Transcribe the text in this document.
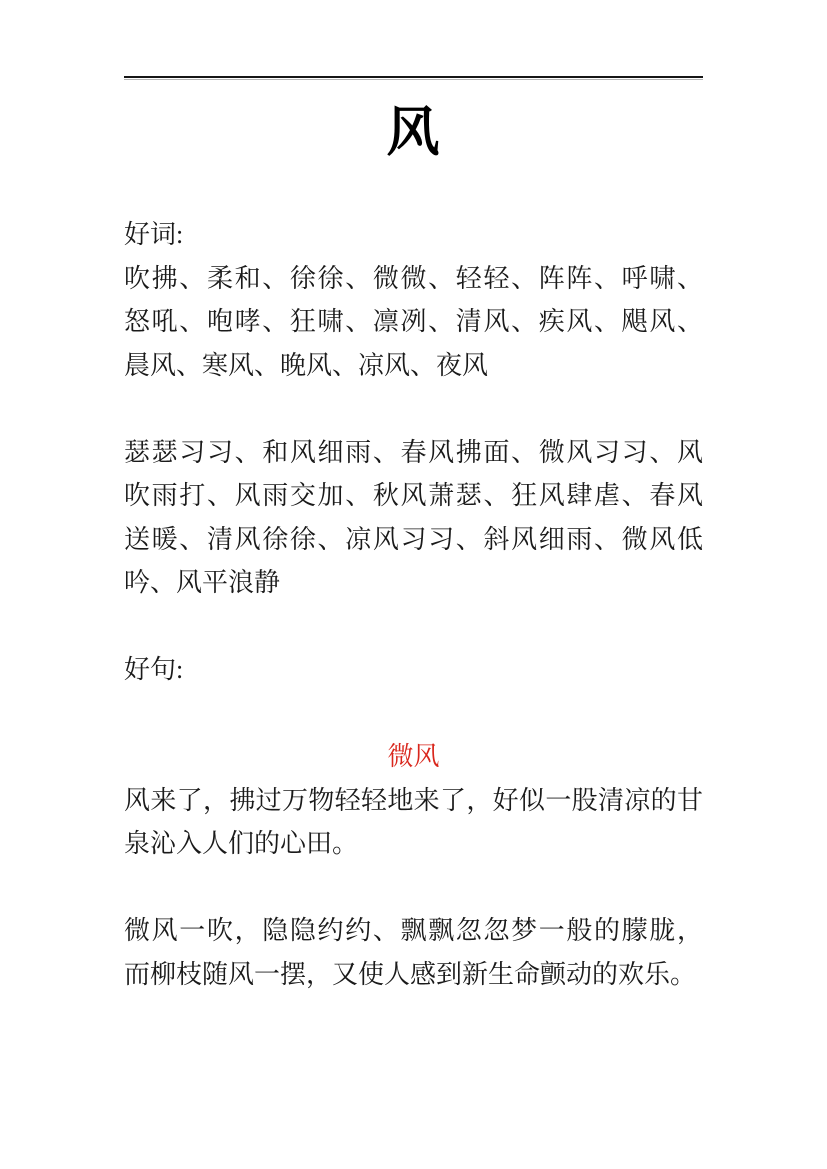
风
好词:
吹拂、柔和、徐徐、微微、轻轻、阵阵、呼啸、
怒吼、咆哮、狂啸、凛冽、清风、疾风、飓风、
晨风、寒风、晚风、凉风、夜风
瑟瑟习习、和风细雨、春风拂面、微风习习、风
吹雨打、风雨交加、秋风萧瑟、狂风肆虐、春风
送暖、清风徐徐、凉风习习、斜风细雨、微风低
吟、风平浪静
好句:
微风
风来了，拂过万物轻轻地来了，好似一股清凉的甘
泉沁入人们的心田。
微风一吹，隐隐约约、飘飘忽忽梦一般的朦胧，
而柳枝随风一摆，又使人感到新生命颤动的欢乐。
